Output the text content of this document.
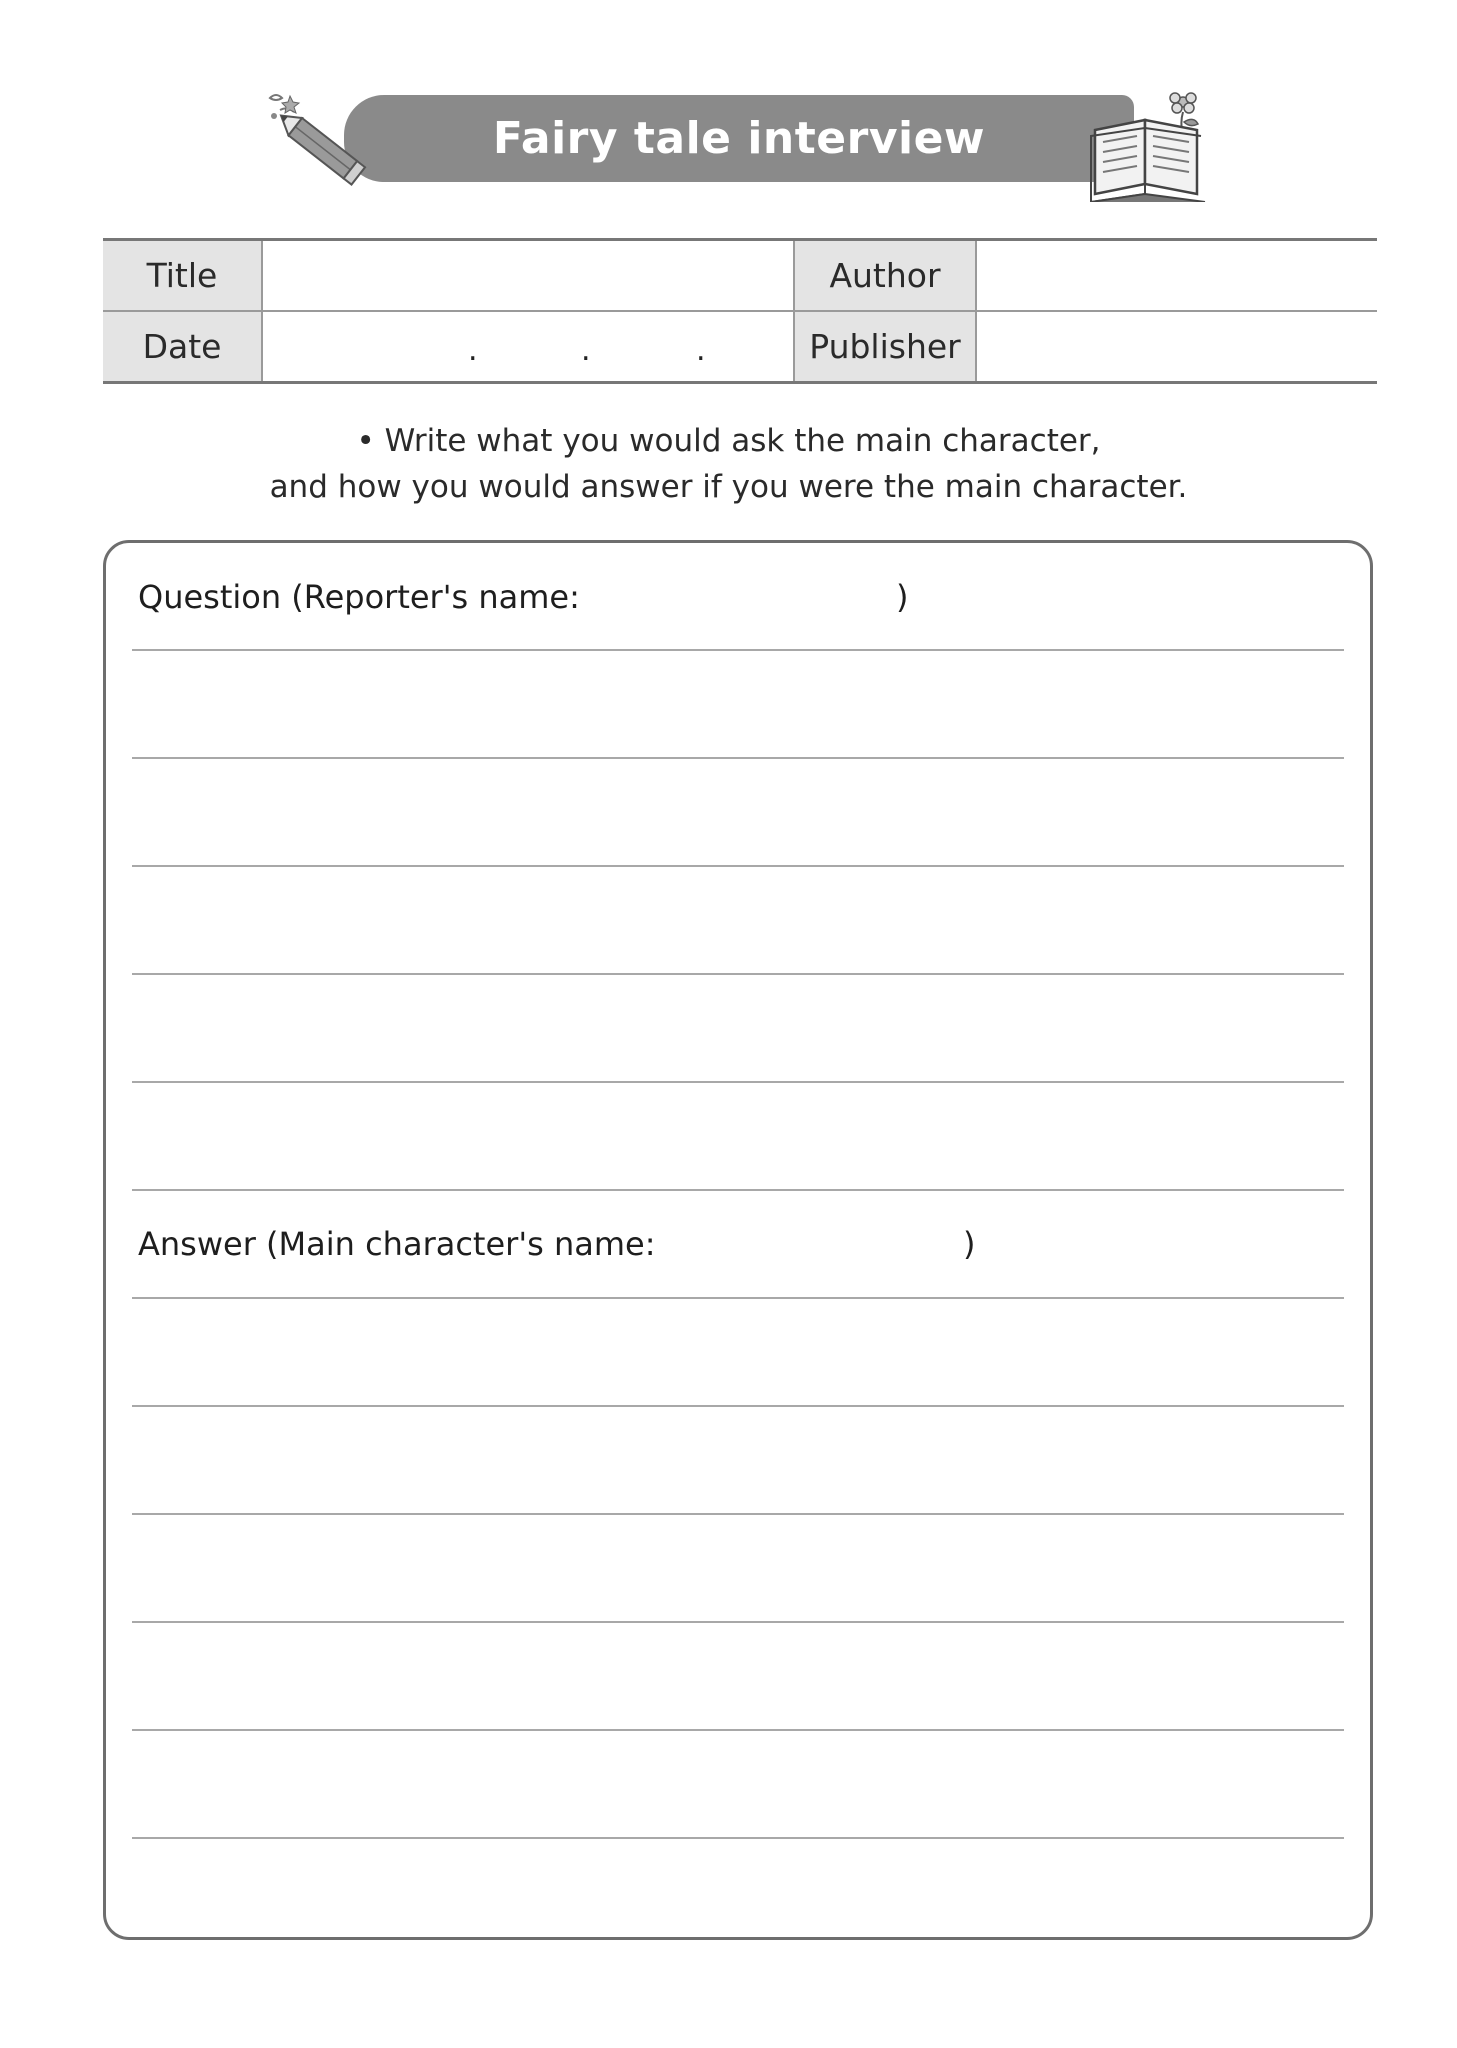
Fairy tale interview
Title		Author	
Date	. . .	Publisher	
• Write what you would ask the main character,
and how you would answer if you were the main character.
Question (Reporter's name:	)
Answer (Main character's name:	)
